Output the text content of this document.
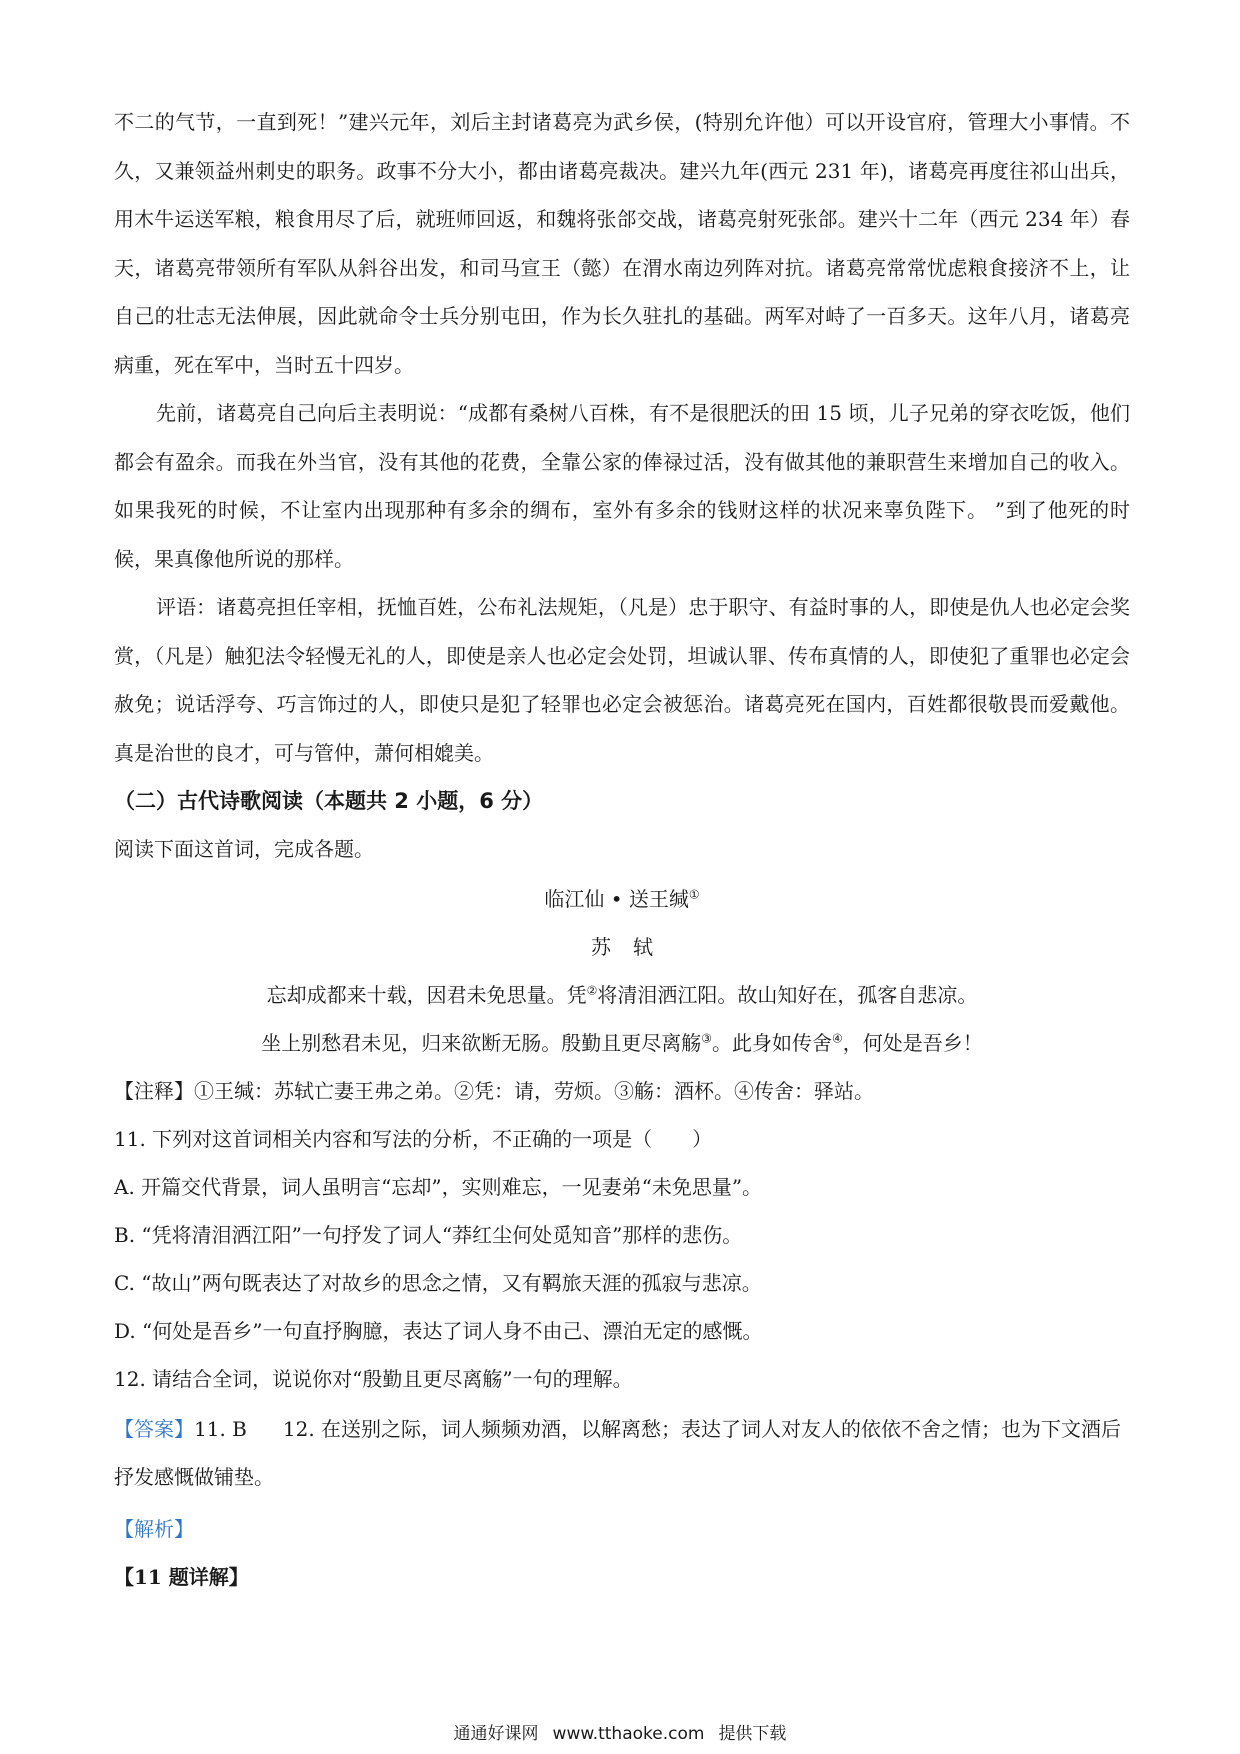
不二的气节，一直到死！”建兴元年，刘后主封诸葛亮为武乡侯，(特别允许他）可以开设官府，管理大小事情。不久，又兼领益州刺史的职务。政事不分大小，都由诸葛亮裁决。建兴九年(西元 231 年)，诸葛亮再度往祁山出兵，用木牛运送军粮，粮食用尽了后，就班师回返，和魏将张郃交战，诸葛亮射死张郃。建兴十二年（西元 234 年）春天，诸葛亮带领所有军队从斜谷出发，和司马宣王（懿）在渭水南边列阵对抗。诸葛亮常常忧虑粮食接济不上，让自己的壮志无法伸展，因此就命令士兵分别屯田，作为长久驻扎的基础。两军对峙了一百多天。这年八月，诸葛亮病重，死在军中，当时五十四岁。

先前，诸葛亮自己向后主表明说：“成都有桑树八百株，有不是很肥沃的田 15 顷，儿子兄弟的穿衣吃饭，他们都会有盈余。而我在外当官，没有其他的花费，全靠公家的俸禄过活，没有做其他的兼职营生来增加自己的收入。如果我死的时候，不让室内出现那种有多余的绸布，室外有多余的钱财这样的状况来辜负陛下。 ”到了他死的时候，果真像他所说的那样。

评语：诸葛亮担任宰相，抚恤百姓，公布礼法规矩，（凡是）忠于职守、有益时事的人，即使是仇人也必定会奖赏，（凡是）触犯法令轻慢无礼的人，即使是亲人也必定会处罚，坦诚认罪、传布真情的人，即使犯了重罪也必定会赦免；说话浮夸、巧言饰过的人，即使只是犯了轻罪也必定会被惩治。诸葛亮死在国内，百姓都很敬畏而爱戴他。真是治世的良才，可与管仲，萧何相媲美。

（二）古代诗歌阅读（本题共 2 小题，6 分）

阅读下面这首词，完成各题。

临江仙 • 送王缄①

苏轼

忘却成都来十载，因君未免思量。凭②将清泪洒江阳。故山知好在，孤客自悲凉。

坐上别愁君未见，归来欲断无肠。殷勤且更尽离觞③。此身如传舍④，何处是吾乡！

【注释】①王缄：苏轼亡妻王弗之弟。②凭：请，劳烦。③觞：酒杯。④传舍：驿站。

11. 下列对这首词相关内容和写法的分析，不正确的一项是（　　）

A. 开篇交代背景，词人虽明言“忘却”，实则难忘，一见妻弟“未免思量”。

B. “凭将清泪洒江阳”一句抒发了词人“莽红尘何处觅知音”那样的悲伤。

C. “故山”两句既表达了对故乡的思念之情，又有羁旅天涯的孤寂与悲凉。

D. “何处是吾乡”一句直抒胸臆，表达了词人身不由己、漂泊无定的感慨。

12. 请结合全词，说说你对“殷勤且更尽离觞”一句的理解。

【答案】11. B 12. 在送别之际，词人频频劝酒，以解离愁；表达了词人对友人的依依不舍之情；也为下文酒后抒发感慨做铺垫。

【解析】

【11 题详解】

通通好课网 www.tthaoke.com 提供下载
